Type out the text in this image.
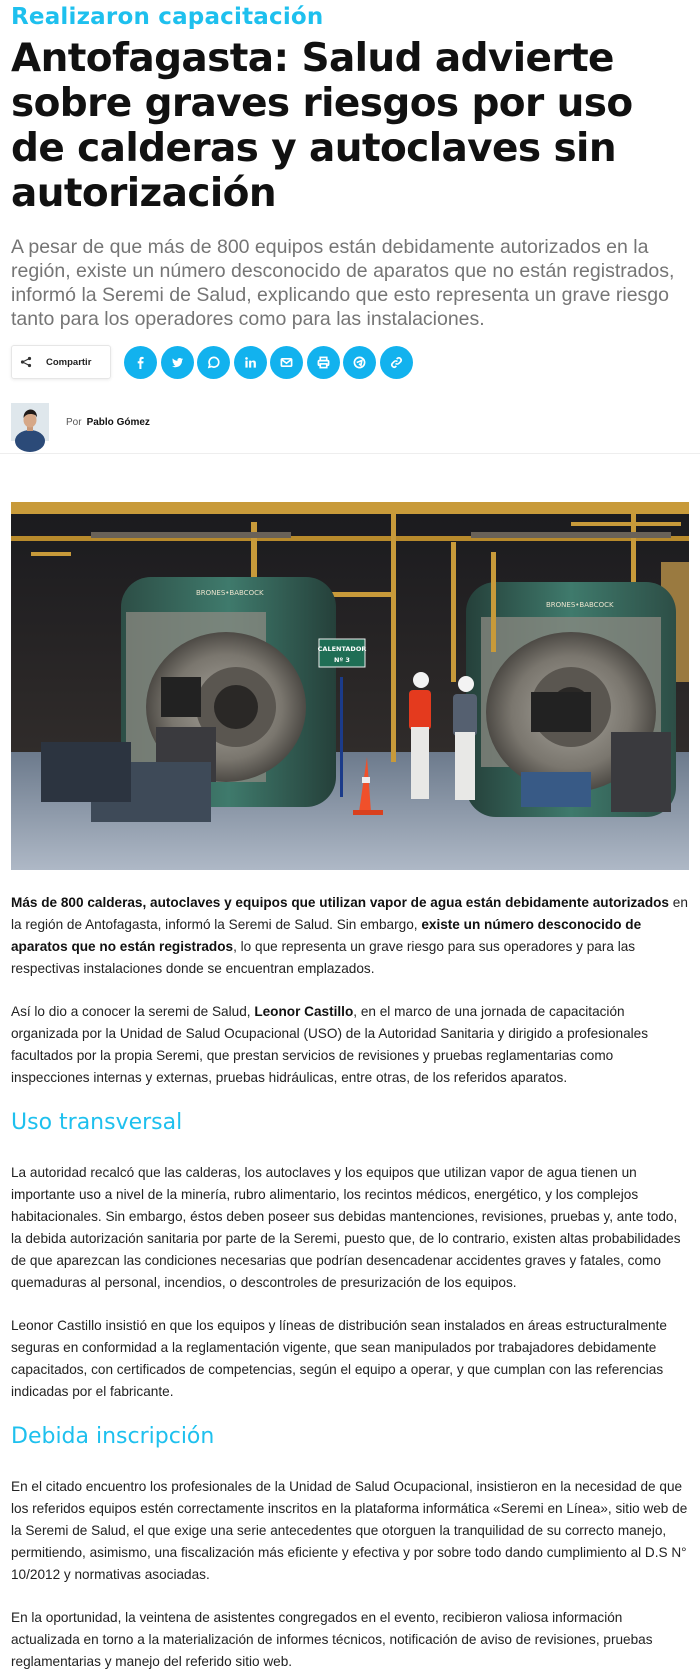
Realizaron capacitación
Antofagasta: Salud advierte sobre graves riesgos por uso de calderas y autoclaves sin autorización

A pesar de que más de 800 equipos están debidamente autorizados en la región, existe un número desconocido de aparatos que no están registrados, informó la Seremi de Salud, explicando que esto representa un grave riesgo tanto para los operadores como para las instalaciones.

Compartir
Por Pablo Gómez
BRONES•BABCOCK
BRONES•BABCOCK
CALENTADOR
Nº 3

Más de 800 calderas, autoclaves y equipos que utilizan vapor de agua están debidamente autorizados en la región de Antofagasta, informó la Seremi de Salud. Sin embargo, existe un número desconocido de aparatos que no están registrados, lo que representa un grave riesgo para sus operadores y para las respectivas instalaciones donde se encuentran emplazados.

Así lo dio a conocer la seremi de Salud, Leonor Castillo, en el marco de una jornada de capacitación organizada por la Unidad de Salud Ocupacional (USO) de la Autoridad Sanitaria y dirigido a profesionales facultados por la propia Seremi, que prestan servicios de revisiones y pruebas reglamentarias como inspecciones internas y externas, pruebas hidráulicas, entre otras, de los referidos aparatos.

Uso transversal

La autoridad recalcó que las calderas, los autoclaves y los equipos que utilizan vapor de agua tienen un importante uso a nivel de la minería, rubro alimentario, los recintos médicos, energético, y los complejos habitacionales. Sin embargo, éstos deben poseer sus debidas mantenciones, revisiones, pruebas y, ante todo, la debida autorización sanitaria por parte de la Seremi, puesto que, de lo contrario, existen altas probabilidades de que aparezcan las condiciones necesarias que podrían desencadenar accidentes graves y fatales, como quemaduras al personal, incendios, o descontroles de presurización de los equipos.

Leonor Castillo insistió en que los equipos y líneas de distribución sean instalados en áreas estructuralmente seguras en conformidad a la reglamentación vigente, que sean manipulados por trabajadores debidamente capacitados, con certificados de competencias, según el equipo a operar, y que cumplan con las referencias indicadas por el fabricante.

Debida inscripción

En el citado encuentro los profesionales de la Unidad de Salud Ocupacional, insistieron en la necesidad de que los referidos equipos estén correctamente inscritos en la plataforma informática «Seremi en Línea», sitio web de la Seremi de Salud, el que exige una serie antecedentes que otorguen la tranquilidad de su correcto manejo, permitiendo, asimismo, una fiscalización más eficiente y efectiva y por sobre todo dando cumplimiento al D.S N° 10/2012 y normativas asociadas.

En la oportunidad, la veintena de asistentes congregados en el evento, recibieron valiosa información actualizada en torno a la materialización de informes técnicos, notificación de aviso de revisiones, pruebas reglamentarias y manejo del referido sitio web.
